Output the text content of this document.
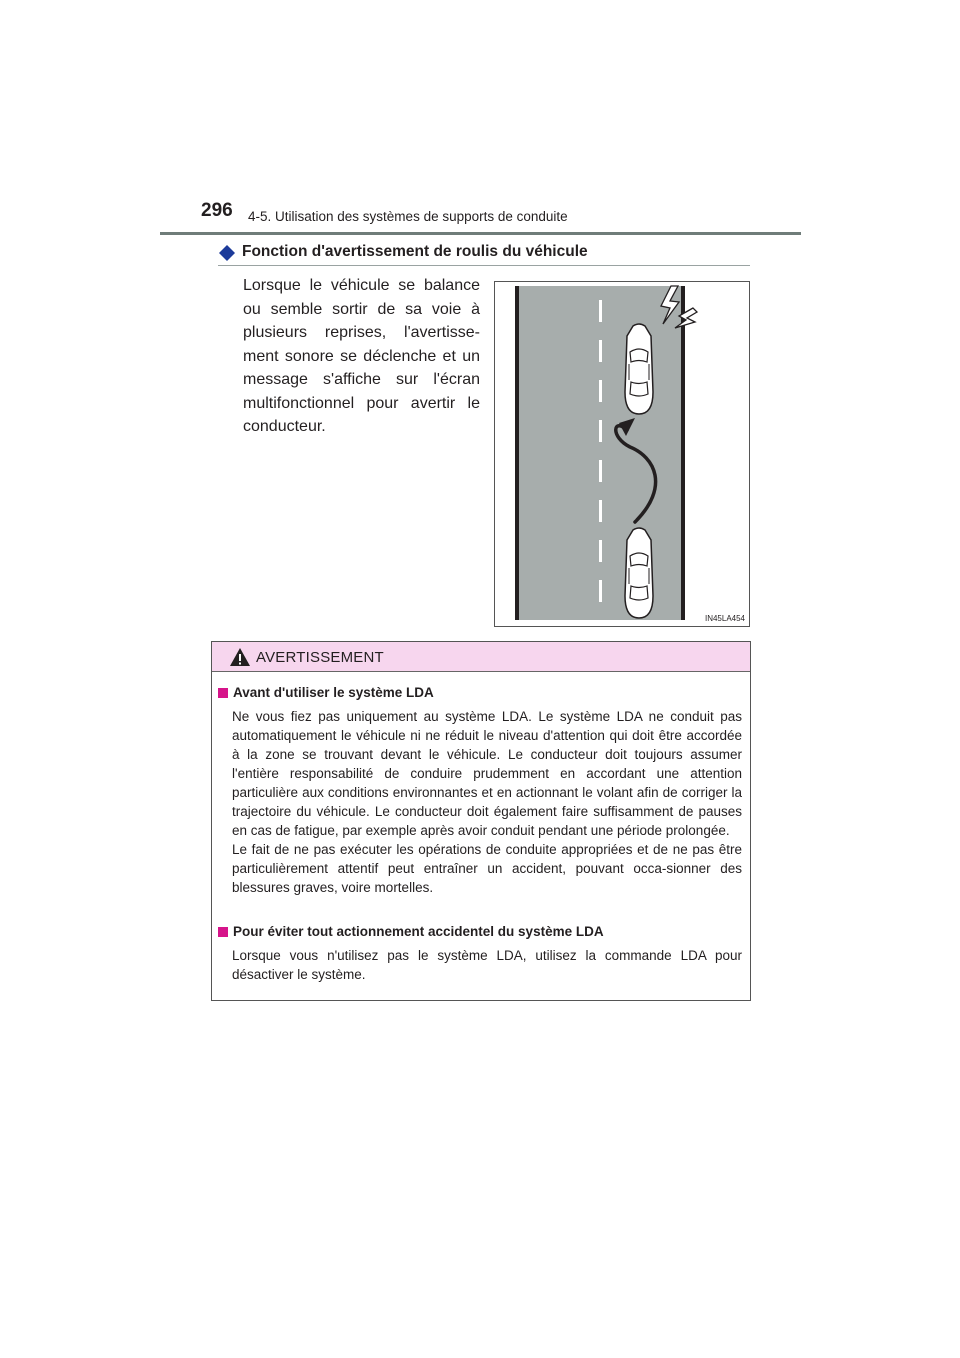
296 4-5. Utilisation des systèmes de supports de conduite
Fonction d'avertissement de roulis du véhicule
Lorsque le véhicule se balance ou semble sortir de sa voie à plusieurs reprises, l'avertisse-ment sonore se déclenche et un message s'affiche sur l'écran multifonctionnel pour avertir le conducteur.
IN45LA454
AVERTISSEMENT
Avant d'utiliser le système LDA

Ne vous fiez pas uniquement au système LDA. Le système LDA ne conduit pas automatiquement le véhicule ni ne réduit le niveau d'attention qui doit être accordée à la zone se trouvant devant le véhicule. Le conducteur doit toujours assumer l'entière responsabilité de conduire prudemment en accordant une attention particulière aux conditions environnantes et en actionnant le volant afin de corriger la trajectoire du véhicule. Le conducteur doit également faire suffisamment de pauses en cas de fatigue, par exemple après avoir conduit pendant une période prolongée.

Le fait de ne pas exécuter les opérations de conduite appropriées et de ne pas être particulièrement attentif peut entraîner un accident, pouvant occa-sionner des blessures graves, voire mortelles.

Pour éviter tout actionnement accidentel du système LDA

Lorsque vous n'utilisez pas le système LDA, utilisez la commande LDA pour désactiver le système.
